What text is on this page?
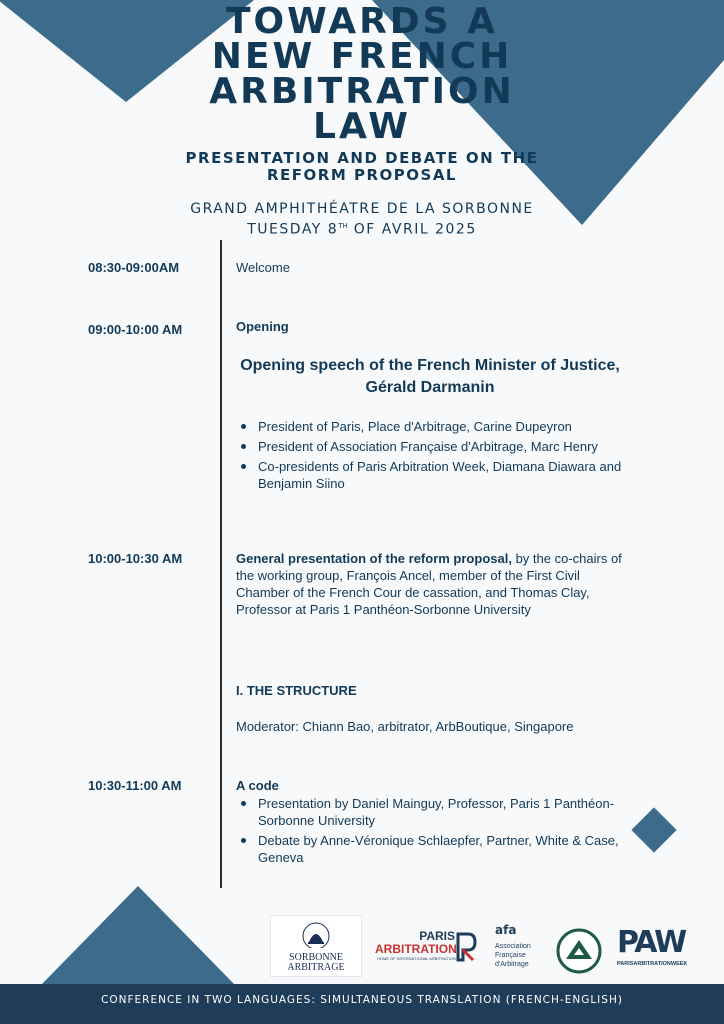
TOWARDS A
NEW FRENCH
ARBITRATION
LAW
PRESENTATION AND DEBATE ON THE
REFORM PROPOSAL
GRAND AMPHITHÉATRE DE LA SORBONNE
TUESDAY 8TH OF AVRIL 2025
08:30-09:00AM	Welcome
09:00-10:00 AM	Opening
Opening speech of the French Minister of Justice, Gérald Darmanin
President of Paris, Place d'Arbitrage, Carine Dupeyron
President of Association Française d'Arbitrage, Marc Henry
Co-presidents of Paris Arbitration Week, Diamana Diawara and Benjamin Siino
10:00-10:30 AM	General presentation of the reform proposal, by the co-chairs of the working group, François Ancel, member of the First Civil Chamber of the French Cour de cassation, and Thomas Clay, Professor at Paris 1 Panthéon-Sorbonne University
I. THE STRUCTURE
Moderator: Chiann Bao, arbitrator, ArbBoutique, Singapore
10:30-11:00 AM	A code
Presentation by Daniel Mainguy, Professor, Paris 1 Panthéon-Sorbonne University
Debate by Anne-Véronique Schlaepfer, Partner, White & Case, Geneva
SORBONNE
ARBITRAGE
PARIS
ARBITRATION
HOME OF INTERNATIONAL ARBITRATION
afa
Association
Française
d'Arbitrage
PAW
PARISARBITRATIONWEEK
CONFERENCE IN TWO LANGUAGES: SIMULTANEOUS TRANSLATION (FRENCH-ENGLISH)
